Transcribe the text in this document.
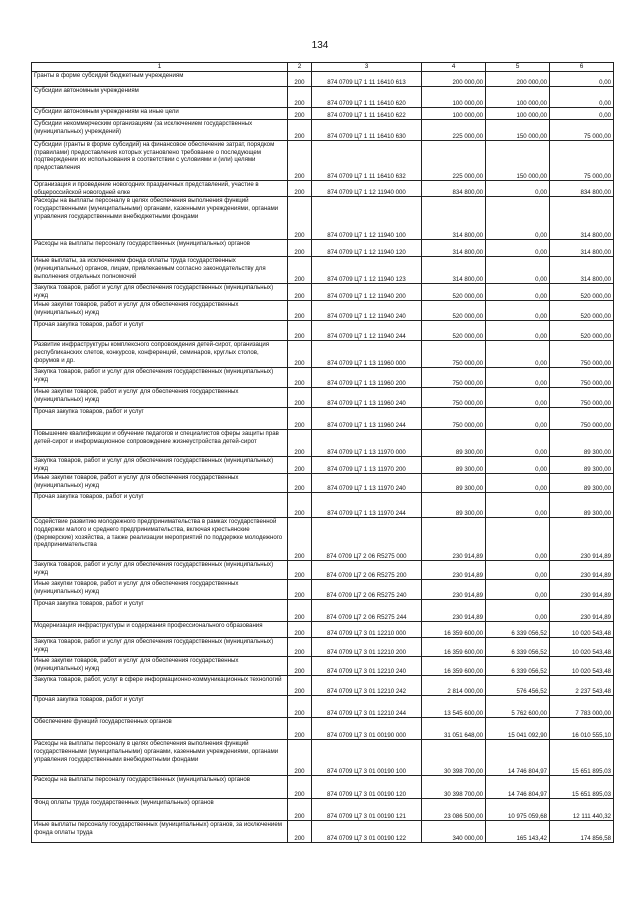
134
1	2	3	4	5	6
Гранты в форме субсидий бюджетным учреждениям	200	874 0709 Ц7 1 11 16410 613	200 000,00	200 000,00	0,00
Субсидии автономным учреждениям	200	874 0709 Ц7 1 11 16410 620	100 000,00	100 000,00	0,00
Субсидии автономным учреждениям на иные цели	200	874 0709 Ц7 1 11 16410 622	100 000,00	100 000,00	0,00
Субсидии некоммерческим организациям (за исключением государственных (муниципальных) учреждений)	200	874 0709 Ц7 1 11 16410 630	225 000,00	150 000,00	75 000,00
Субсидии (гранты в форме субсидий) на финансовое обеспечение затрат, порядком (правилами) предоставления которых установлено требование о последующем подтверждении их использования в соответствии с условиями и (или) целями предоставления	200	874 0709 Ц7 1 11 16410 632	225 000,00	150 000,00	75 000,00
Организация и проведение новогодних праздничных представлений, участие в общероссийской новогодней елке	200	874 0709 Ц7 1 12 11940 000	834 800,00	0,00	834 800,00
Расходы на выплаты персоналу в целях обеспечения выполнения функций государственными (муниципальными) органами, казенными учреждениями, органами управления государственными внебюджетными фондами	200	874 0709 Ц7 1 12 11940 100	314 800,00	0,00	314 800,00
Расходы на выплаты персоналу государственных (муниципальных) органов	200	874 0709 Ц7 1 12 11940 120	314 800,00	0,00	314 800,00
Иные выплаты, за исключением фонда оплаты труда государственных (муниципальных) органов, лицам, привлекаемым согласно законодательству для выполнения отдельных полномочий	200	874 0709 Ц7 1 12 11940 123	314 800,00	0,00	314 800,00
Закупка товаров, работ и услуг для обеспечения государственных (муниципальных) нужд	200	874 0709 Ц7 1 12 11940 200	520 000,00	0,00	520 000,00
Иные закупки товаров, работ и услуг для обеспечения государственных (муниципальных) нужд	200	874 0709 Ц7 1 12 11940 240	520 000,00	0,00	520 000,00
Прочая закупка товаров, работ и услуг	200	874 0709 Ц7 1 12 11940 244	520 000,00	0,00	520 000,00
Развитие инфраструктуры комплексного сопровождения детей-сирот, организация республиканских слетов, конкурсов, конференций, семинаров, круглых столов, форумов и др.	200	874 0709 Ц7 1 13 11960 000	750 000,00	0,00	750 000,00
Закупка товаров, работ и услуг для обеспечения государственных (муниципальных) нужд	200	874 0709 Ц7 1 13 11960 200	750 000,00	0,00	750 000,00
Иные закупки товаров, работ и услуг для обеспечения государственных (муниципальных) нужд	200	874 0709 Ц7 1 13 11960 240	750 000,00	0,00	750 000,00
Прочая закупка товаров, работ и услуг	200	874 0709 Ц7 1 13 11960 244	750 000,00	0,00	750 000,00
Повышение квалификации и обучение педагогов и специалистов сферы защиты прав детей-сирот и информационное сопровождение жизнеустройства детей-сирот	200	874 0709 Ц7 1 13 11970 000	89 300,00	0,00	89 300,00
Закупка товаров, работ и услуг для обеспечения государственных (муниципальных) нужд	200	874 0709 Ц7 1 13 11970 200	89 300,00	0,00	89 300,00
Иные закупки товаров, работ и услуг для обеспечения государственных (муниципальных) нужд	200	874 0709 Ц7 1 13 11970 240	89 300,00	0,00	89 300,00
Прочая закупка товаров, работ и услуг	200	874 0709 Ц7 1 13 11970 244	89 300,00	0,00	89 300,00
Содействие развитию молодежного предпринимательства в рамках государственной поддержки малого и среднего предпринимательства, включая крестьянские (фермерские) хозяйства, а также реализации мероприятий по поддержке молодежного предпринимательства	200	874 0709 Ц7 2 06 R5275 000	230 914,89	0,00	230 914,89
Закупка товаров, работ и услуг для обеспечения государственных (муниципальных) нужд	200	874 0709 Ц7 2 06 R5275 200	230 914,89	0,00	230 914,89
Иные закупки товаров, работ и услуг для обеспечения государственных (муниципальных) нужд	200	874 0709 Ц7 2 06 R5275 240	230 914,89	0,00	230 914,89
Прочая закупка товаров, работ и услуг	200	874 0709 Ц7 2 06 R5275 244	230 914,89	0,00	230 914,89
Модернизация инфраструктуры и содержания профессионального образования	200	874 0709 Ц7 3 01 12210 000	16 359 600,00	6 339 056,52	10 020 543,48
Закупка товаров, работ и услуг для обеспечения государственных (муниципальных) нужд	200	874 0709 Ц7 3 01 12210 200	16 359 600,00	6 339 056,52	10 020 543,48
Иные закупки товаров, работ и услуг для обеспечения государственных (муниципальных) нужд	200	874 0709 Ц7 3 01 12210 240	16 359 600,00	6 339 056,52	10 020 543,48
Закупка товаров, работ, услуг в сфере информационно-коммуникационных технологий	200	874 0709 Ц7 3 01 12210 242	2 814 000,00	576 456,52	2 237 543,48
Прочая закупка товаров, работ и услуг	200	874 0709 Ц7 3 01 12210 244	13 545 600,00	5 762 600,00	7 783 000,00
Обеспечение функций государственных органов	200	874 0709 Ц7 3 01 00190 000	31 051 648,00	15 041 092,90	16 010 555,10
Расходы на выплаты персоналу в целях обеспечения выполнения функций государственными (муниципальными) органами, казенными учреждениями, органами управления государственными внебюджетными фондами	200	874 0709 Ц7 3 01 00190 100	30 398 700,00	14 746 804,97	15 651 895,03
Расходы на выплаты персоналу государственных (муниципальных) органов	200	874 0709 Ц7 3 01 00190 120	30 398 700,00	14 746 804,97	15 651 895,03
Фонд оплаты труда государственных (муниципальных) органов	200	874 0709 Ц7 3 01 00190 121	23 086 500,00	10 975 059,68	12 111 440,32
Иные выплаты персоналу государственных (муниципальных) органов, за исключением фонда оплаты труда	200	874 0709 Ц7 3 01 00190 122	340 000,00	165 143,42	174 856,58
